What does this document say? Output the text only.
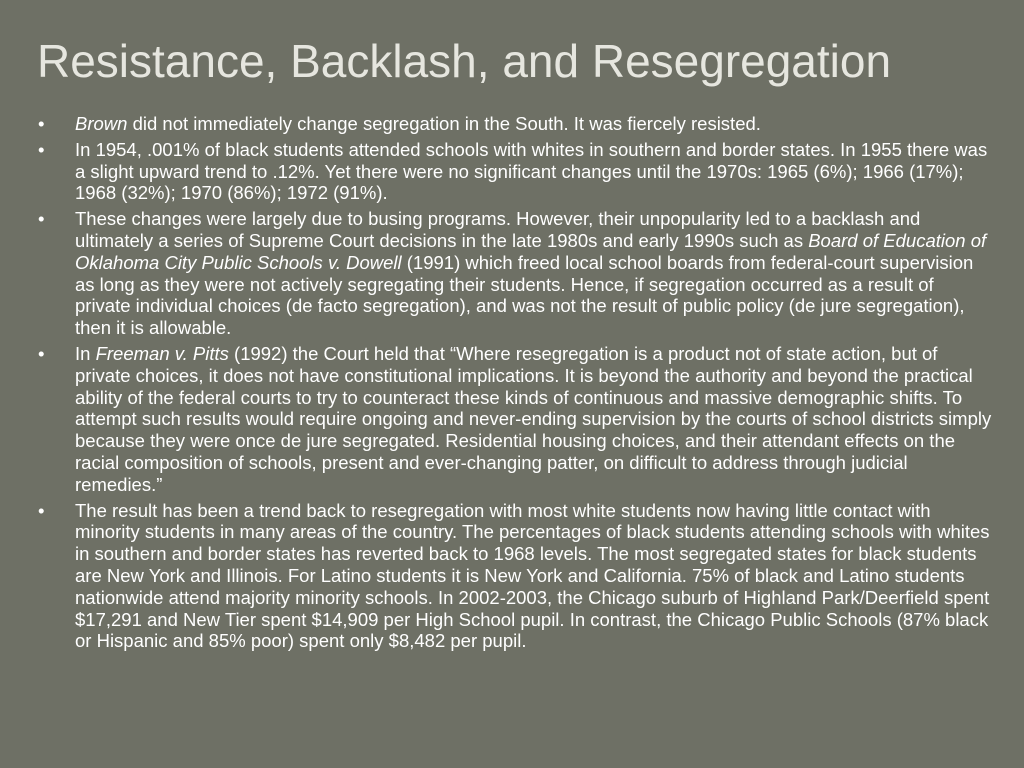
Resistance, Backlash, and Resegregation
•	Brown did not immediately change segregation in the South. It was fiercely resisted.
•	In 1954, .001% of black students attended schools with whites in southern and border states. In 1955 there was a slight upward trend to .12%. Yet there were no significant changes until the 1970s: 1965 (6%); 1966 (17%); 1968 (32%); 1970 (86%); 1972 (91%).
•	These changes were largely due to busing programs. However, their unpopularity led to a backlash and ultimately a series of Supreme Court decisions in the late 1980s and early 1990s such as Board of Education of Oklahoma City Public Schools v. Dowell (1991) which freed local school boards from federal-court supervision as long as they were not actively segregating their students. Hence, if segregation occurred as a result of private individual choices (de facto segregation), and was not the result of public policy (de jure segregation), then it is allowable.
•	In Freeman v. Pitts (1992) the Court held that “Where resegregation is a product not of state action, but of private choices, it does not have constitutional implications. It is beyond the authority and beyond the practical ability of the federal courts to try to counteract these kinds of continuous and massive demographic shifts. To attempt such results would require ongoing and never-ending supervision by the courts of school districts simply because they were once de jure segregated. Residential housing choices, and their attendant effects on the racial composition of schools, present and ever-changing patter, on difficult to address through judicial remedies.”
•	The result has been a trend back to resegregation with most white students now having little contact with minority students in many areas of the country. The percentages of black students attending schools with whites in southern and border states has reverted back to 1968 levels. The most segregated states for black students are New York and Illinois. For Latino students it is New York and California. 75% of black and Latino students nationwide attend majority minority schools. In 2002-2003, the Chicago suburb of Highland Park/Deerfield spent $17,291 and New Tier spent $14,909 per High School pupil. In contrast, the Chicago Public Schools (87% black or Hispanic and 85% poor) spent only $8,482 per pupil.
